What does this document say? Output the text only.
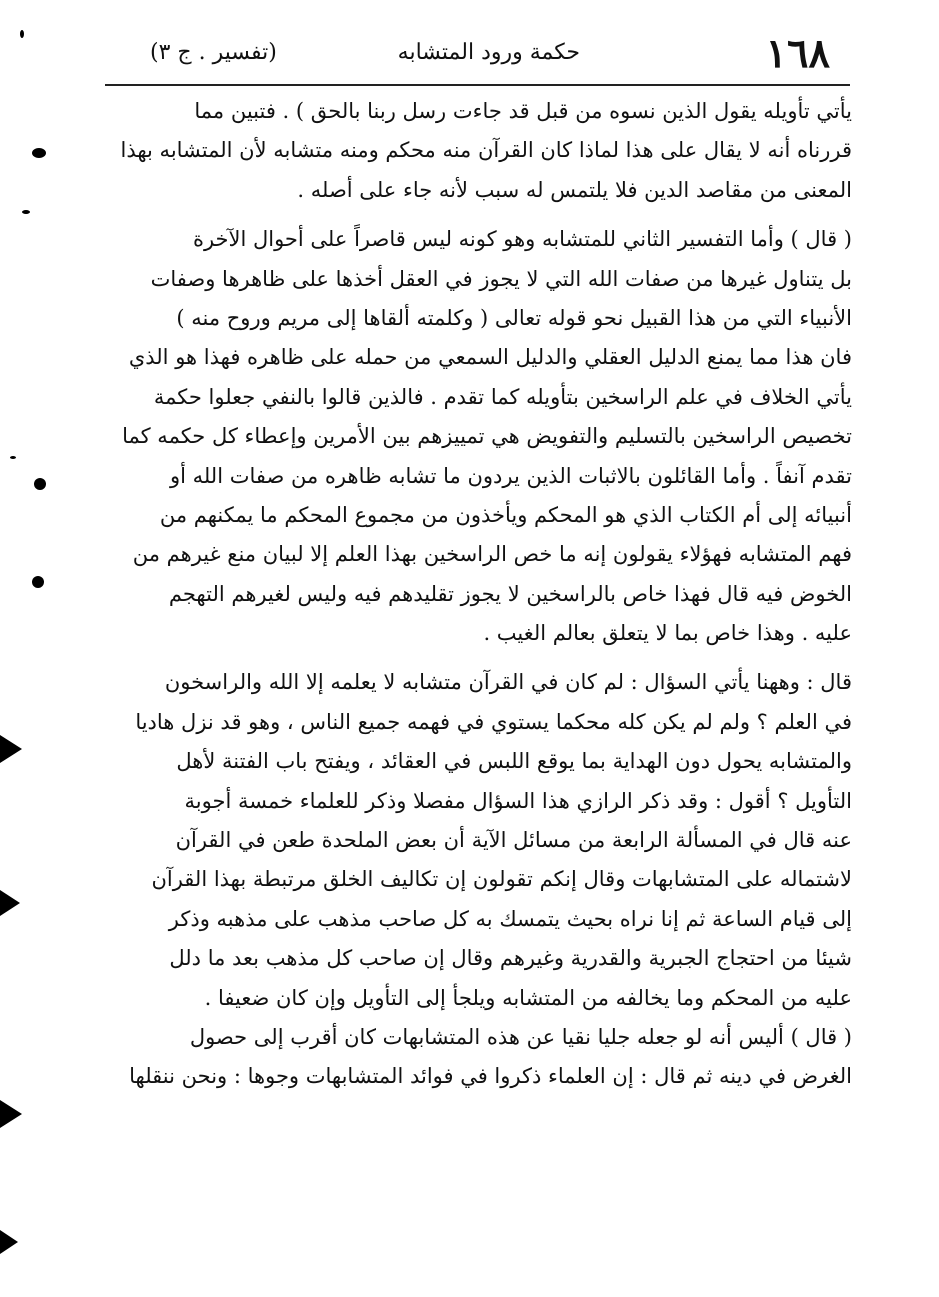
١٦٨
حكمة ورود المتشابه
(تفسير . ج ٣)
يأتي تأويله يقول الذين نسوه من قبل قد جاءت رسل ربنا بالحق ) . فتبين مما
قررناه أنه لا يقال على هذا لماذا كان القرآن منه محكم ومنه متشابه لأن المتشابه بهذا
المعنى من مقاصد الدين فلا يلتمس له سبب لأنه جاء على أصله .
( قال ) وأما التفسير الثاني للمتشابه وهو كونه ليس قاصراً على أحوال الآخرة
بل يتناول غيرها من صفات الله التي لا يجوز في العقل أخذها على ظاهرها وصفات
الأنبياء التي من هذا القبيل نحو قوله تعالى ( وكلمته ألقاها إلى مريم وروح منه )
فان هذا مما يمنع الدليل العقلي والدليل السمعي من حمله على ظاهره فهذا هو الذي
يأتي الخلاف في علم الراسخين بتأويله كما تقدم . فالذين قالوا بالنفي جعلوا حكمة
تخصيص الراسخين بالتسليم والتفويض هي تمييزهم بين الأمرين وإعطاء كل حكمه كما
تقدم آنفاً . وأما القائلون بالاثبات الذين يردون ما تشابه ظاهره من صفات الله أو
أنبيائه إلى أم الكتاب الذي هو المحكم ويأخذون من مجموع المحكم ما يمكنهم من
فهم المتشابه فهؤلاء يقولون إنه ما خص الراسخين بهذا العلم إلا لبيان منع غيرهم من
الخوض فيه قال فهذا خاص بالراسخين لا يجوز تقليدهم فيه وليس لغيرهم التهجم
عليه . وهذا خاص بما لا يتعلق بعالم الغيب .
قال : وههنا يأتي السؤال : لم كان في القرآن متشابه لا يعلمه إلا الله والراسخون
في العلم ؟ ولم لم يكن كله محكما يستوي في فهمه جميع الناس ، وهو قد نزل هاديا
والمتشابه يحول دون الهداية بما يوقع اللبس في العقائد ، ويفتح باب الفتنة لأهل
التأويل ؟ أقول : وقد ذكر الرازي هذا السؤال مفصلا وذكر للعلماء خمسة أجوبة
عنه قال في المسألة الرابعة من مسائل الآية أن بعض الملحدة طعن في القرآن
لاشتماله على المتشابهات وقال إنكم تقولون إن تكاليف الخلق مرتبطة بهذا القرآن
إلى قيام الساعة ثم إنا نراه بحيث يتمسك به كل صاحب مذهب على مذهبه وذكر
شيئا من احتجاج الجبرية والقدرية وغيرهم وقال إن صاحب كل مذهب بعد ما دلل
عليه من المحكم وما يخالفه من المتشابه ويلجأ إلى التأويل وإن كان ضعيفا .
( قال ) أليس أنه لو جعله جليا نقيا عن هذه المتشابهات كان أقرب إلى حصول
الغرض في دينه ثم قال : إن العلماء ذكروا في فوائد المتشابهات وجوها : ونحن ننقلها
